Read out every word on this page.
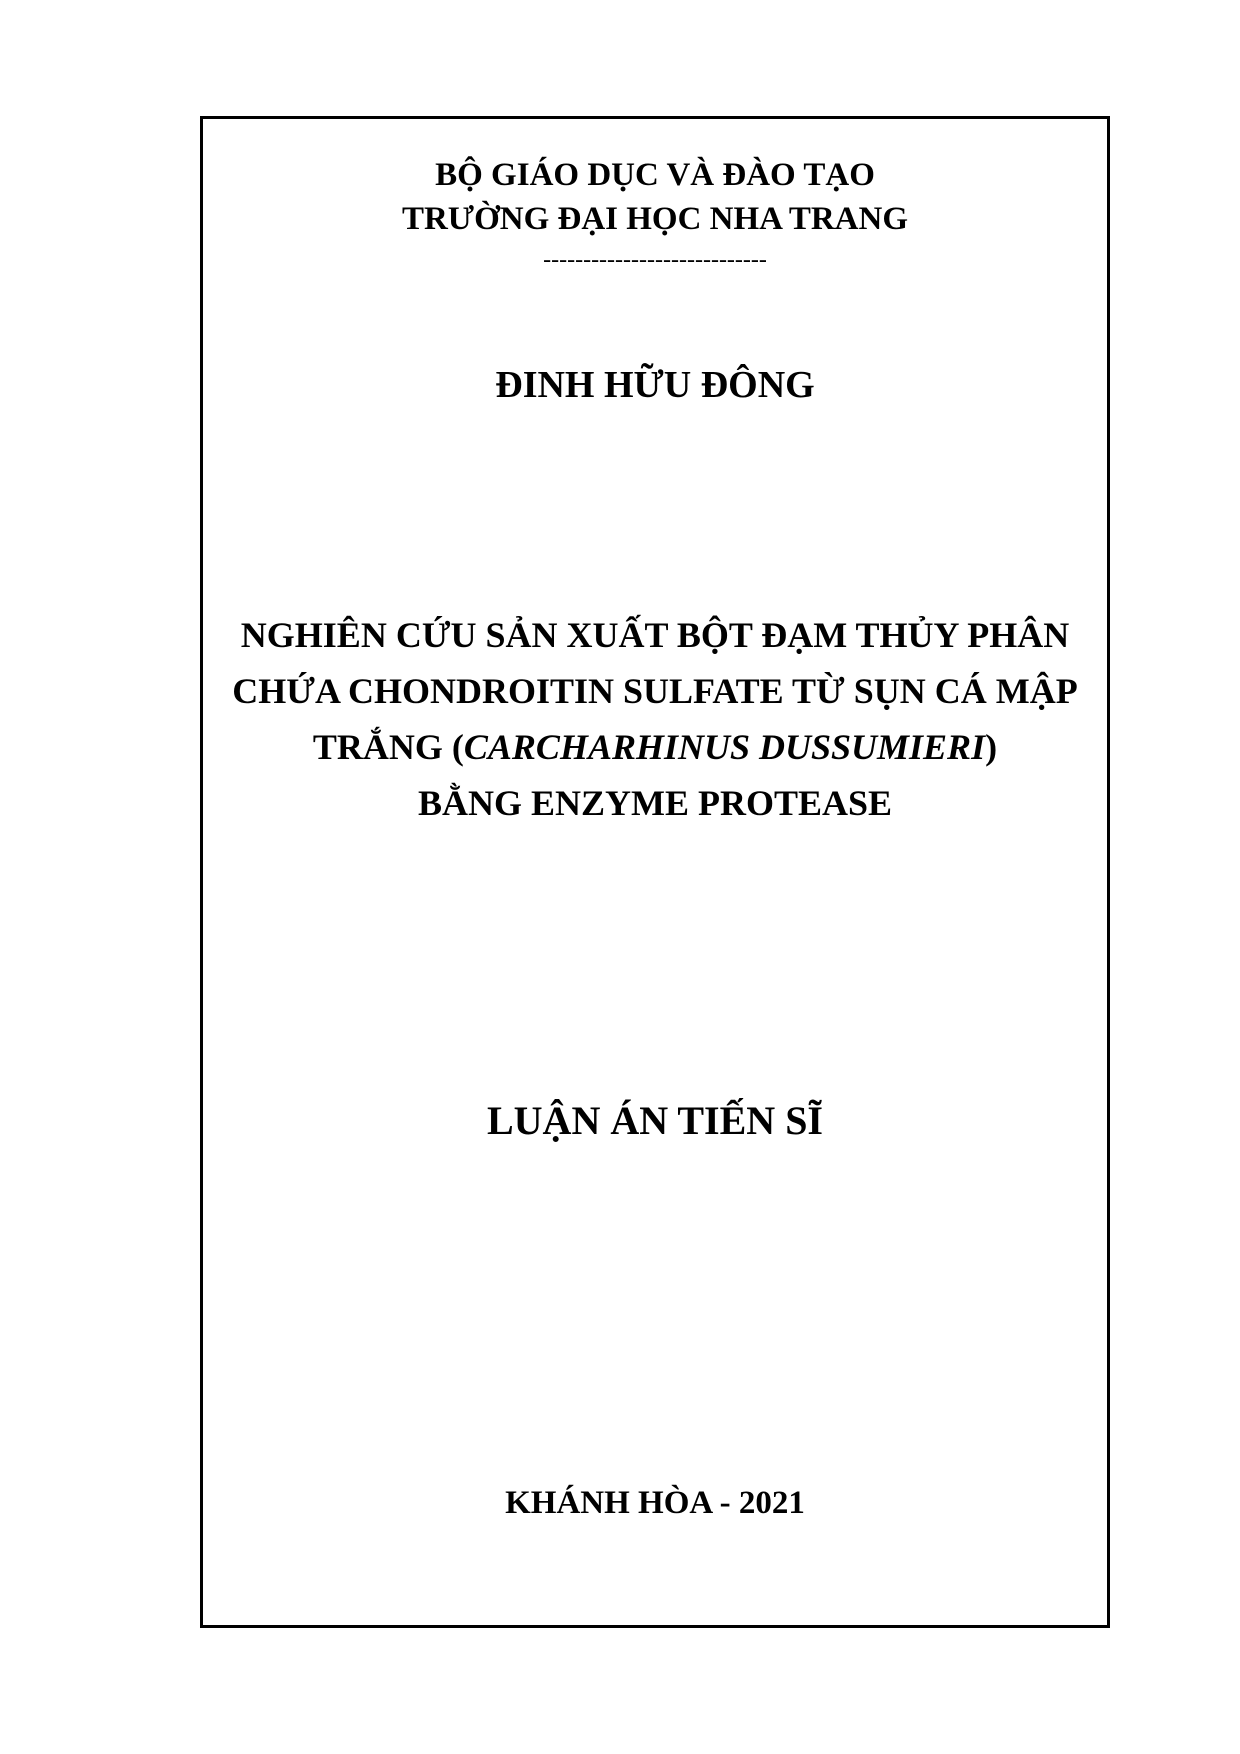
BỘ GIÁO DỤC VÀ ĐÀO TẠO
TRƯỜNG ĐẠI HỌC NHA TRANG
----------------------------
ĐINH HỮU ĐÔNG
NGHIÊN CỨU SẢN XUẤT BỘT ĐẠM THỦY PHÂN
CHỨA CHONDROITIN SULFATE TỪ SỤN CÁ MẬP
TRẮNG (CARCHARHINUS DUSSUMIERI)
BẰNG ENZYME PROTEASE
LUẬN ÁN TIẾN SĨ
KHÁNH HÒA - 2021
